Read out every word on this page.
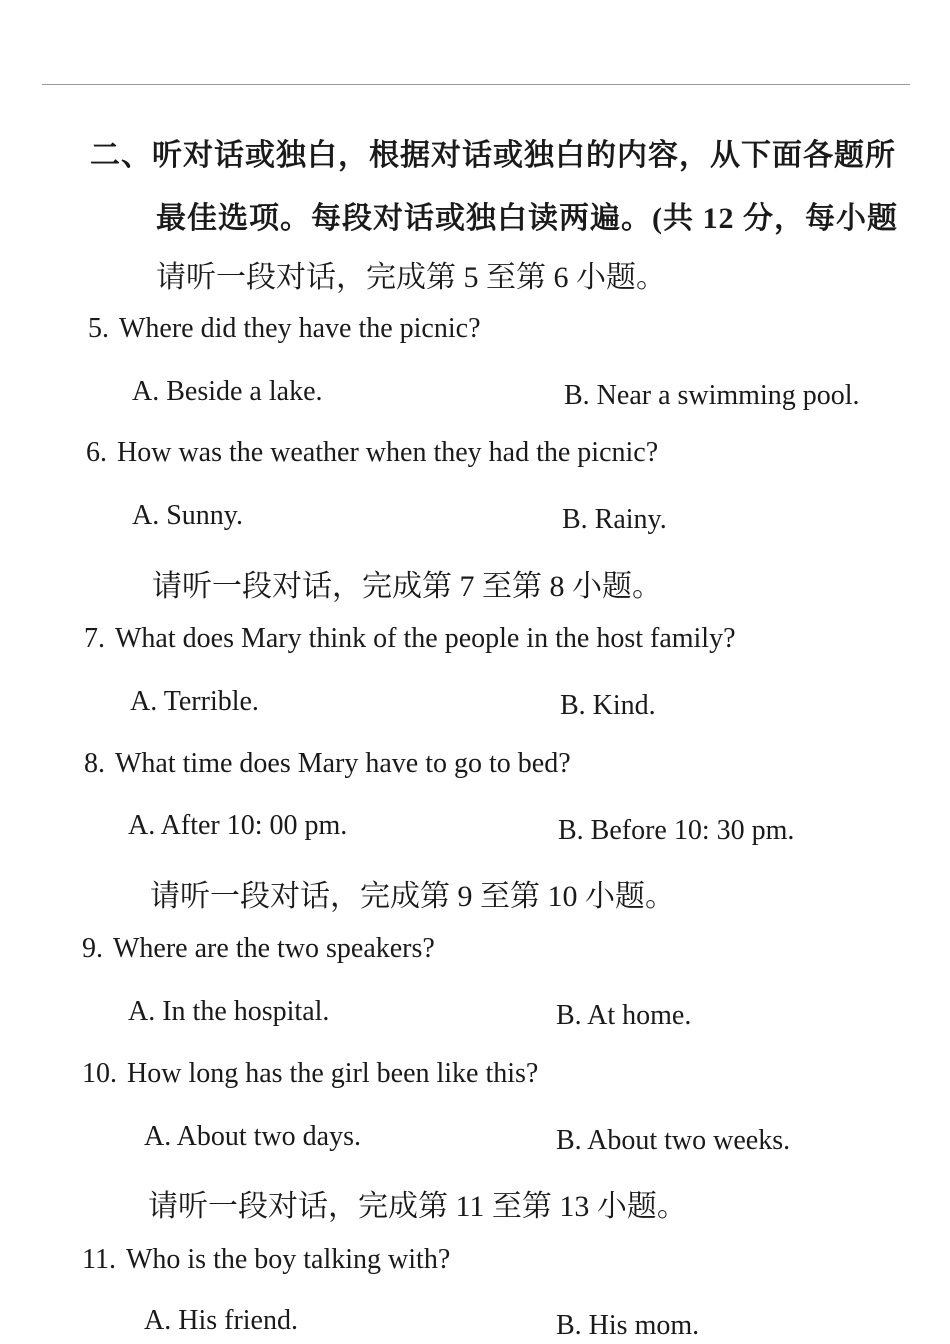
二、听对话或独白，根据对话或独白的内容，从下面各题所
最佳选项。每段对话或独白读两遍。(共 12 分，每小题
请听一段对话，完成第 5 至第 6 小题。
5. Where did they have the picnic?
A. Beside a lake.	B. Near a swimming pool.
6. How was the weather when they had the picnic?
A. Sunny.	B. Rainy.
请听一段对话，完成第 7 至第 8 小题。
7. What does Mary think of the people in the host family?
A. Terrible.	B. Kind.
8. What time does Mary have to go to bed?
A. After 10: 00 pm.	B. Before 10: 30 pm.
请听一段对话，完成第 9 至第 10 小题。
9. Where are the two speakers?
A. In the hospital.	B. At home.
10. How long has the girl been like this?
A. About two days.	B. About two weeks.
请听一段对话，完成第 11 至第 13 小题。
11. Who is the boy talking with?
A. His friend.	B. His mom.
